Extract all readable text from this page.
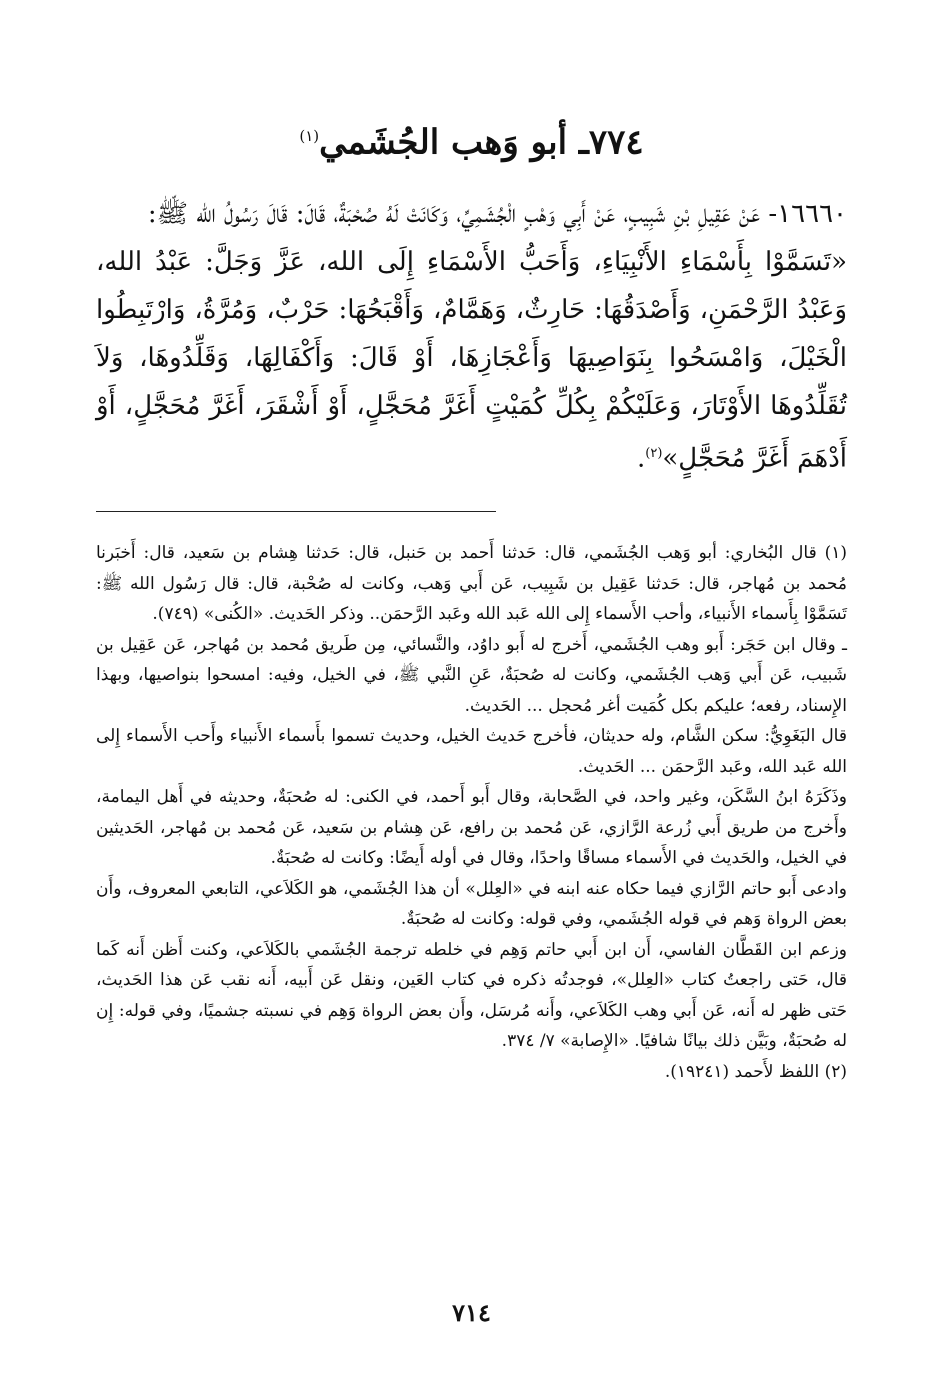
٧٧٤ـ أبو وَهب الجُشَمي$^{(١)}$

١٦٦٦٠- عَنْ عَقِيلِ بْنِ شَبِيبٍ، عَنْ أَبِي وَهْبٍ الْجُشَمِيِّ، وَكَانَتْ لَهُ صُحْبَةٌ، قَالَ: قَالَ رَسُولُ الله ﷺ:

«تَسَمَّوْا بِأَسْمَاءِ الأَنْبِيَاءِ، وَأَحَبُّ الأَسْمَاءِ إِلَى الله، عَزَّ وَجَلَّ: عَبْدُ الله، وَعَبْدُ الرَّحْمَنِ، وَأَصْدَقُهَا: حَارِثٌ، وَهَمَّامٌ، وَأَقْبَحُهَا: حَرْبٌ، وَمُرَّةُ، وَارْتَبِطُوا الْخَيْلَ، وَامْسَحُوا بِنَوَاصِيهَا وَأَعْجَازِهَا، أَوْ قَالَ: وَأَكْفَالِهَا، وَقَلِّدُوهَا، وَلاَ تُقَلِّدُوهَا الأَوْتَارَ، وَعَلَيْكُمْ بِكُلِّ كُمَيْتٍ أَغَرَّ مُحَجَّلٍ، أَوْ أَشْقَرَ، أَغَرَّ مُحَجَّلٍ، أَوْ أَدْهَمَ أَغَرَّ مُحَجَّلٍ»$^{(٢)}$.

(١) قال البُخاري: أبو وَهب الجُشَمي، قال: حَدثنا أَحمد بن حَنبل، قال: حَدثنا هِشام بن سَعيد، قال: أَخبَرنا مُحمد بن مُهاجر، قال: حَدثنا عَقِيل بن شَبِيب، عَن أَبي وَهب، وكانت له صُحْبة، قال: قال رَسُول الله ﷺ: تَسَمَّوْا بِأَسماء الأَنبياء، وأحب الأَسماء إِلى الله عَبد الله وعَبد الرَّحمَن.. وذكر الحَديث. «الكُنى» (٧٤٩).

ـ وقال ابن حَجَر: أَبو وهب الجُشَمي، أَخرج له أَبو داوُد، والنَّسائي، مِن طَريق مُحمد بن مُهاجر، عَن عَقِيل بن شَبيب، عَن أَبي وَهب الجُشَمي، وكانت له صُحبَةٌ، عَنِ النَّبي ﷺ، في الخيل، وفيه: امسحوا بنواصيها، وبهذا الإِسناد، رفعه؛ عليكم بكل كُمَيت أغر مُحجل ... الحَديث.

قال البَغَوِيُّ: سكن الشَّام، وله حديثان، فأخرج حَديث الخيل، وحديث تسموا بأَسماء الأَنبياء وأَحب الأَسماء إِلى الله عَبد الله، وعَبد الرَّحمَن ... الحَديث.

وذَكَرَهُ ابنُ السَّكَن، وغير واحد، في الصَّحابة، وقال أَبو أَحمد، في الكنى: له صُحبَةٌ، وحديثه في أَهل اليمامة، وأَخرج من طريق أَبي زُرعة الرَّازي، عَن مُحمد بن رافع، عَن هِشام بن سَعيد، عَن مُحمد بن مُهاجر، الحَديثين في الخيل، والحَديث في الأَسماء مساقًا واحدًا، وقال في أوله أَيضًا: وكانت له صُحبَةٌ.

وادعى أَبو حاتم الرَّازي فيما حكاه عنه ابنه في «العِلل» أن هذا الجُشَمي، هو الكَلاَعي، التابعي المعروف، وأَن بعض الرواة وَهم في قوله الجُشَمي، وفي قوله: وكانت له صُحبَةٌ.

وزعم ابن القَطَّان الفاسي، أَن ابن أَبي حاتم وَهِم في خلطه ترجمة الجُشَمي بالكَلاَعي، وكنت أَظن أَنه كَما قال، حَتى راجعتُ كتاب «العِلل»، فوجدتُه ذكره في كتاب العَين، ونقل عَن أَبيه، أَنه نقب عَن هذا الحَديث، حَتى ظهر له أَنه، عَن أَبي وهب الكَلاَعي، وأَنه مُرسَل، وأَن بعض الرواة وَهِم في نسبته جشميًا، وفي قوله: إِن له صُحبَةٌ، وبَيَّن ذلك بيانًا شافيًا. «الإِصابة» ٧/ ٣٧٤.

(٢) اللفظ لأَحمد (١٩٢٤١).

٧١٤
